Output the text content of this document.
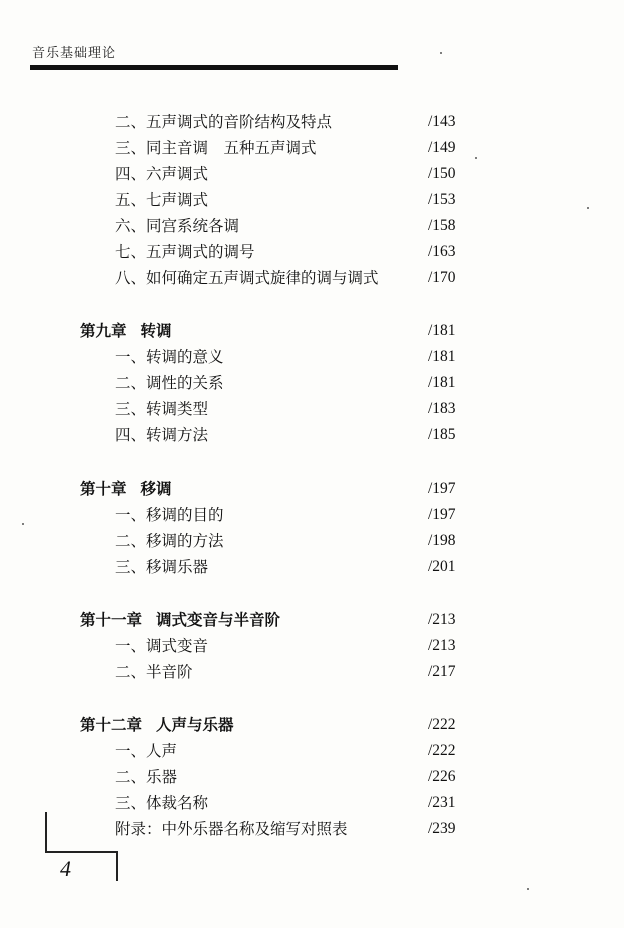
音乐基础理论
二、五声调式的音阶结构及特点	/143
三、同主音调　五种五声调式	/149
四、六声调式	/150
五、七声调式	/153
六、同宫系统各调	/158
七、五声调式的调号	/163
八、如何确定五声调式旋律的调与调式	/170
第九章 转调	/181
一、转调的意义	/181
二、调性的关系	/181
三、转调类型	/183
四、转调方法	/185
第十章 移调	/197
一、移调的目的	/197
二、移调的方法	/198
三、移调乐器	/201
第十一章 调式变音与半音阶	/213
一、调式变音	/213
二、半音阶	/217
第十二章 人声与乐器	/222
一、人声	/222
二、乐器	/226
三、体裁名称	/231
附录：中外乐器名称及缩写对照表	/239
4
